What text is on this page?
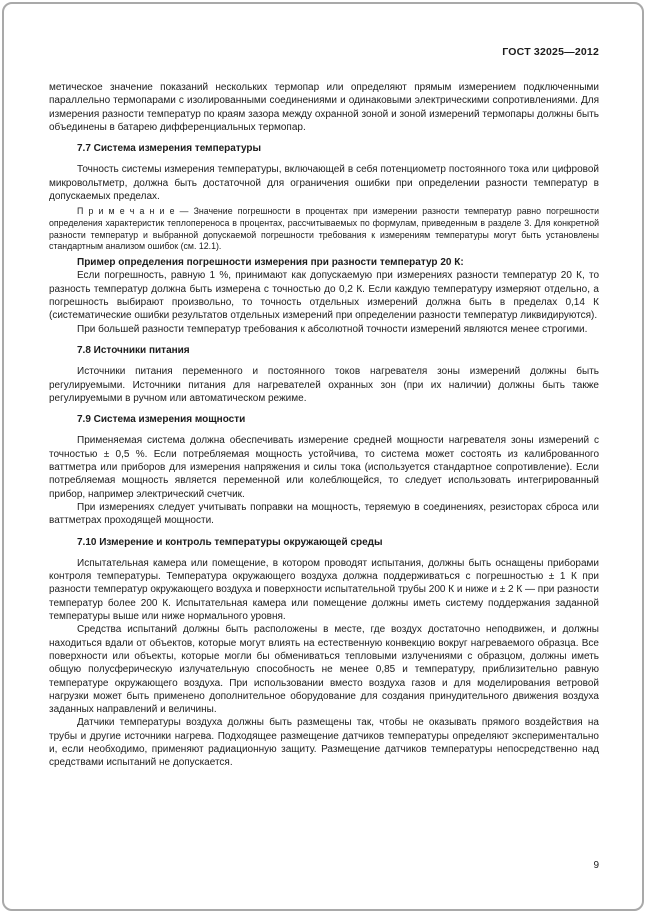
ГОСТ 32025—2012

метическое значение показаний нескольких термопар или определяют прямым измерением подключенными параллельно термопарами с изолированными соединениями и одинаковыми электрическими сопротивлениями. Для измерения разности температур по краям зазора между охранной зоной и зоной измерений термопары должны быть объединены в батарею дифференциальных термопар.

7.7 Система измерения температуры

Точность системы измерения температуры, включающей в себя потенциометр постоянного тока или цифровой микровольтметр, должна быть достаточной для ограничения ошибки при определении разности температур в допускаемых пределах.

П р и м е ч а н и е — Значение погрешности в процентах при измерении разности температур равно погрешности определения характеристик теплопереноса в процентах, рассчитываемых по формулам, приведенным в разделе 3. Для конкретной разности температур и выбранной допускаемой погрешности требования к измерениям температуры могут быть установлены стандартным анализом ошибок (см. 12.1).

Пример определения погрешности измерения при разности температур 20 К:

Если погрешность, равную 1 %, принимают как допускаемую при измерениях разности температур 20 К, то разность температур должна быть измерена с точностью до 0,2 К. Если каждую температуру измеряют отдельно, а погрешность выбирают произвольно, то точность отдельных измерений должна быть в пределах 0,14 К (систематические ошибки результатов отдельных измерений при определении разности температур ликвидируются).

При большей разности температур требования к абсолютной точности измерений являются менее строгими.

7.8 Источники питания

Источники питания переменного и постоянного токов нагревателя зоны измерений должны быть регулируемыми. Источники питания для нагревателей охранных зон (при их наличии) должны быть также регулируемыми в ручном или автоматическом режиме.

7.9 Система измерения мощности

Применяемая система должна обеспечивать измерение средней мощности нагревателя зоны измерений с точностью ± 0,5 %. Если потребляемая мощность устойчива, то система может состоять из калиброванного ваттметра или приборов для измерения напряжения и силы тока (используется стандартное сопротивление). Если потребляемая мощность является переменной или колеблющейся, то следует использовать интегрированный прибор, например электрический счетчик.

При измерениях следует учитывать поправки на мощность, теряемую в соединениях, резисторах сброса или ваттметрах проходящей мощности.

7.10 Измерение и контроль температуры окружающей среды

Испытательная камера или помещение, в котором проводят испытания, должны быть оснащены приборами контроля температуры. Температура окружающего воздуха должна поддерживаться с погрешностью ± 1 К при разности температур окружающего воздуха и поверхности испытательной трубы 200 К и ниже и ± 2 К — при разности температур более 200 К. Испытательная камера или помещение должны иметь систему поддержания заданной температуры выше или ниже нормального уровня.

Средства испытаний должны быть расположены в месте, где воздух достаточно неподвижен, и должны находиться вдали от объектов, которые могут влиять на естественную конвекцию вокруг нагреваемого образца. Все поверхности или объекты, которые могли бы обмениваться тепловыми излучениями с образцом, должны иметь общую полусферическую излучательную способность не менее 0,85 и температуру, приблизительно равную температуре окружающего воздуха. При использовании вместо воздуха газов и для моделирования ветровой нагрузки может быть применено дополнительное оборудование для создания принудительного движения воздуха заданных направлений и величины.

Датчики температуры воздуха должны быть размещены так, чтобы не оказывать прямого воздействия на трубы и другие источники нагрева. Подходящее размещение датчиков температуры определяют экспериментально и, если необходимо, применяют радиационную защиту. Размещение датчиков температуры непосредственно над средствами испытаний не допускается.

9
